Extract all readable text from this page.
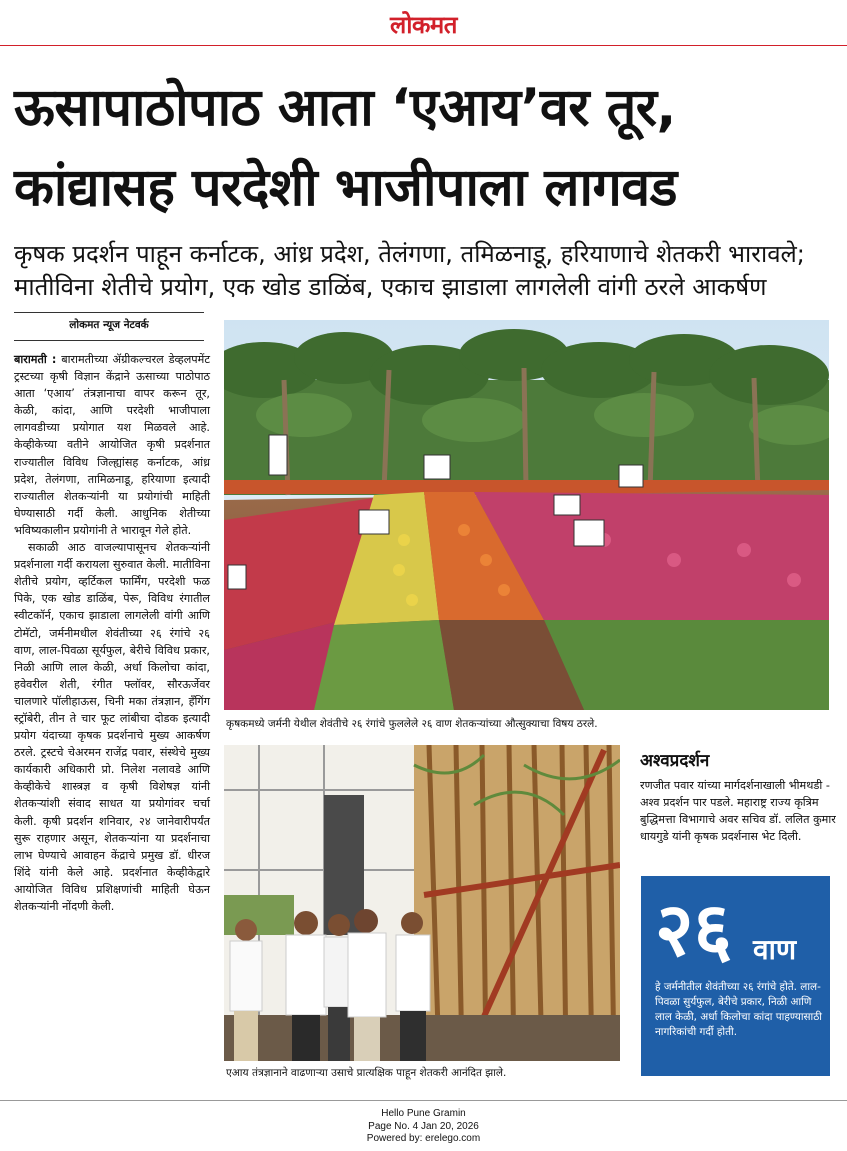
लोकमत
ऊसापाठोपाठ आता ‘एआय’वर तूर,
कांद्यासह परदेशी भाजीपाला लागवड
कृषक प्रदर्शन पाहून कर्नाटक, आंध्र प्रदेश, तेलंगणा, तमिळनाडू, हरियाणाचे शेतकरी भारावले;
मातीविना शेतीचे प्रयोग, एक खोड डाळिंब, एकाच झाडाला लागलेली वांगी ठरले आकर्षण
लोकमत न्यूज नेटवर्क

बारामती : बारामतीच्या ॲग्रीकल्चरल डेव्हलपमेंट ट्रस्टच्या कृषी विज्ञान केंद्राने ऊसाच्या पाठोपाठ आता ‘एआय’ तंत्रज्ञानाचा वापर करून तूर, केळी, कांदा, आणि परदेशी भाजीपाला लागवडीच्या प्रयोगात यश मिळवले आहे. केव्हीकेच्या वतीने आयोजित कृषी प्रदर्शनात राज्यातील विविध जिल्ह्यांसह कर्नाटक, आंध्र प्रदेश, तेलंगणा, तामिळनाडू, हरियाणा इत्यादी राज्यातील शेतकऱ्यांनी या प्रयोगांची माहिती घेण्यासाठी गर्दी केली. आधुनिक शेतीच्या भविष्यकालीन प्रयोगांनी ते भारावून गेले होते.

सकाळी आठ वाजल्यापासूनच शेतकऱ्यांनी प्रदर्शनाला गर्दी करायला सुरुवात केली. मातीविना शेतीचे प्रयोग, व्हर्टिकल फार्मिंग, परदेशी फळ पिके, एक खोड डाळिंब, पेरू, विविध रंगातील स्वीटकॉर्न, एकाच झाडाला लागलेली वांगी आणि टोमॅटो, जर्मनीमधील शेवंतीच्या २६ रंगांचे २६ वाण, लाल-पिवळा सूर्यफुल, बेरीचे विविध प्रकार, निळी आणि लाल केळी, अर्धा किलोचा कांदा, हवेवरील शेती, रंगीत फ्लॉवर, सौरऊर्जेवर चालणारे पॉलीहाऊस, चिनी मका तंत्रज्ञान, हँगिंग स्ट्रॉबेरी, तीन ते चार फूट लांबीचा दोडक इत्यादी प्रयोग यंदाच्या कृषक प्रदर्शनाचे मुख्य आकर्षण ठरले. ट्रस्टचे चेअरमन राजेंद्र पवार, संस्थेचे मुख्य कार्यकारी अधिकारी प्रो. निलेश नलावडे आणि केव्हीकेचे शास्त्रज्ञ व कृषी विशेषज्ञ यांनी शेतकऱ्यांशी संवाद साधत या प्रयोगांवर चर्चा केली. कृषी प्रदर्शन शनिवार, २४ जानेवारीपर्यंत सुरू राहणार असून, शेतकऱ्यांना या प्रदर्शनाचा लाभ घेण्याचे आवाहन केंद्राचे प्रमुख डॉ. धीरज शिंदे यांनी केले आहे. प्रदर्शनात केव्हीकेद्वारे आयोजित विविध प्रशिक्षणांची माहिती घेऊन शेतकऱ्यांनी नोंदणी केली.

कृषकमध्ये जर्मनी येथील शेवंतीचे २६ रंगांचे फुललेले २६ वाण शेतकऱ्यांच्या औत्सुक्याचा विषय ठरले.
एआय तंत्रज्ञानाने वाढणाऱ्या उसाचे प्रात्यक्षिक पाहून शेतकरी आनंदित झाले.
अश्वप्रदर्शन
रणजीत पवार यांच्या मार्गदर्शनाखाली भीमथडी - अश्व प्रदर्शन पार पडले. महाराष्ट्र राज्य कृत्रिम बुद्धिमत्ता विभागाचे अवर सचिव डॉ. ललित कुमार धायगुडे यांनी कृषक प्रदर्शनास भेट दिली.
२६ वाण
हे जर्मनीतील शेवंतीच्या २६ रंगांचे होते. लाल-पिवळा सुर्यफुल, बेरीचे प्रकार, निळी आणि लाल केळी, अर्धा किलोचा कांदा पाहण्यासाठी नागरिकांची गर्दी होती.
Hello Pune Gramin
Page No. 4 Jan 20, 2026
Powered by: erelego.com
